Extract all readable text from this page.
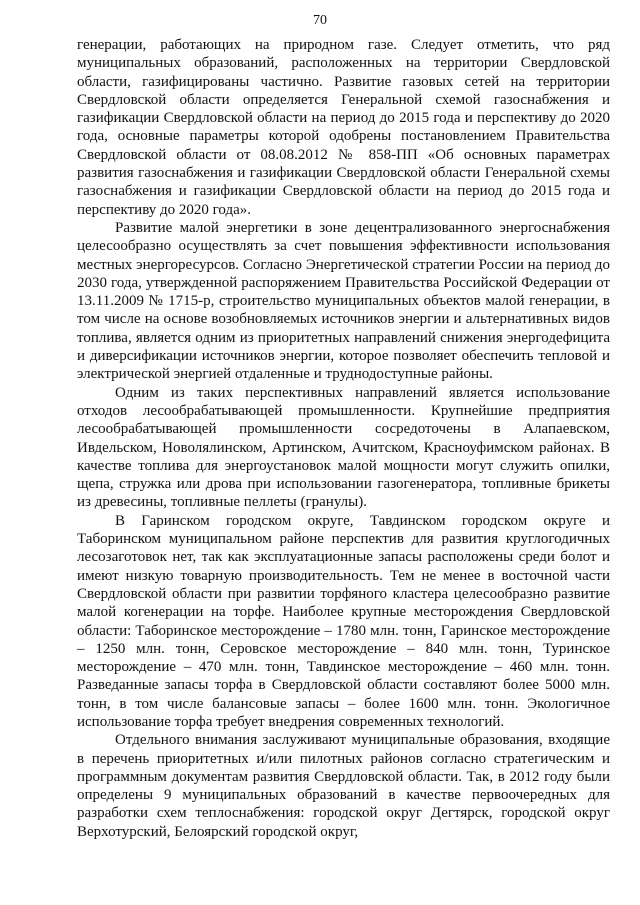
70

генерации, работающих на природном газе. Следует отметить, что ряд муниципальных образований, расположенных на территории Свердловской области, газифицированы частично. Развитие газовых сетей на территории Свердловской области определяется Генеральной схемой газоснабжения и газификации Свердловской области на период до 2015 года и перспективу до 2020 года, основные параметры которой одобрены постановлением Правительства Свердловской области от 08.08.2012 № 858-ПП «Об основных параметрах развития газоснабжения и газификации Свердловской области Генеральной схемы газоснабжения и газификации Свердловской области на период до 2015 года и перспективу до 2020 года».

Развитие малой энергетики в зоне децентрализованного энергоснабжения целесообразно осуществлять за счет повышения эффективности использования местных энергоресурсов. Согласно Энергетической стратегии России на период до 2030 года, утвержденной распоряжением Правительства Российской Федерации от 13.11.2009 № 1715-р, строительство муниципальных объектов малой генерации, в том числе на основе возобновляемых источников энергии и альтернативных видов топлива, является одним из приоритетных направлений снижения энергодефицита и диверсификации источников энергии, которое позволяет обеспечить тепловой и электрической энергией отдаленные и труднодоступные районы.

Одним из таких перспективных направлений является использование отходов лесообрабатывающей промышленности. Крупнейшие предприятия лесообрабатывающей промышленности сосредоточены в Алапаевском, Ивдельском, Новолялинском, Артинском, Ачитском, Красноуфимском районах. В качестве топлива для энергоустановок малой мощности могут служить опилки, щепа, стружка или дрова при использовании газогенератора, топливные брикеты из древесины, топливные пеллеты (гранулы).

В Гаринском городском округе, Тавдинском городском округе и Таборинском муниципальном районе перспектив для развития круглогодичных лесозаготовок нет, так как эксплуатационные запасы расположены среди болот и имеют низкую товарную производительность. Тем не менее в восточной части Свердловской области при развитии торфяного кластера целесообразно развитие малой когенерации на торфе. Наиболее крупные месторождения Свердловской области: Таборинское месторождение – 1780 млн. тонн, Гаринское месторождение – 1250 млн. тонн, Серовское месторождение – 840 млн. тонн, Туринское месторождение – 470 млн. тонн, Тавдинское месторождение – 460 млн. тонн. Разведанные запасы торфа в Свердловской области составляют более 5000 млн. тонн, в том числе балансовые запасы – более 1600 млн. тонн. Экологичное использование торфа требует внедрения современных технологий.

Отдельного внимания заслуживают муниципальные образования, входящие в перечень приоритетных и/или пилотных районов согласно стратегическим и программным документам развития Свердловской области. Так, в 2012 году были определены 9 муниципальных образований в качестве первоочередных для разработки схем теплоснабжения: городской округ Дегтярск, городской округ Верхотурский, Белоярский городской округ,
